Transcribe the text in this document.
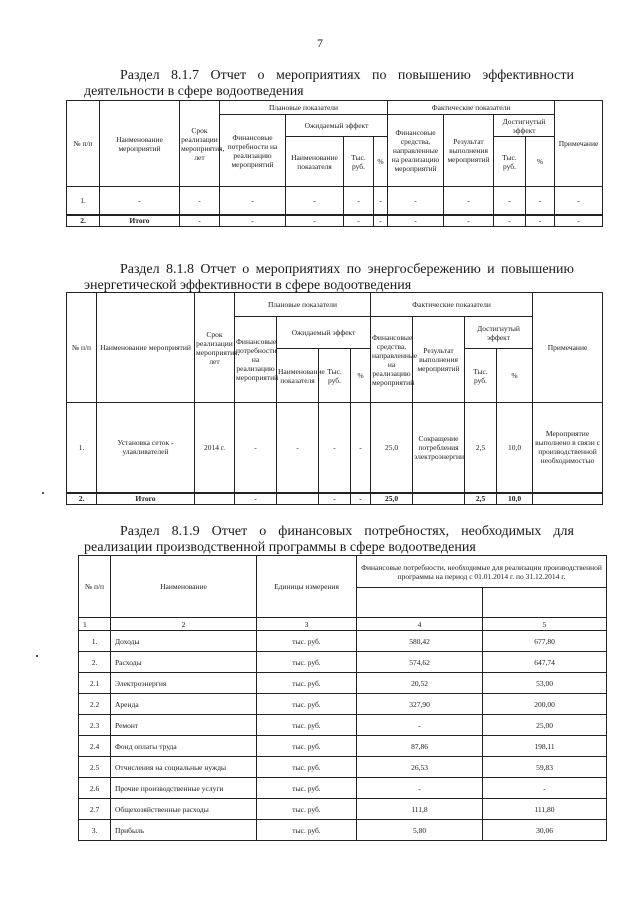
7
Раздел 8.1.7 Отчет о мероприятиях по повышению эффективности
деятельности в сфере водоотведения
№ п/п	Наименование мероприятий	Срок реализации мероприятия, лет	Плановые показатели				Фактические показатели				Примечание
			Финансовые потребности на реализацию мероприятий	Ожидаемый эффект			Финансовые средства, направленные на реализацию мероприятий	Результат выполнения мероприятий	Достигнутый эффект		
				Наименование показателя	Тыс. руб.	%			Тыс. руб.	%	
1.	-	-	-	-	-	-	-	-	-	-	-
2.	Итого	-	-	-	-	-	-	-	-	-	-
Раздел 8.1.8 Отчет о мероприятиях по энергосбережению и повышению
энергетической эффективности в сфере водоотведения
№ п/п	Наименование мероприятий	Срок реализации мероприятия, лет	Плановые показатели				Фактические показатели				Примечание
			Финансовые потребности на реализацию мероприятий	Ожидаемый эффект			Финансовые средства, направленные на реализацию мероприятий	Результат выполнения мероприятий	Достигнутый эффект		
				Наименование показателя	Тыс. руб.	%			Тыс. руб.	%	
1.	Установка сеток - улавливателей	2014 г.	-	-	-	-	25,0	Сокращение потребления электроэнергии	2,5	10,0	Мероприятие выполнено в связи с производственной необходимостью
2.	Итого		-		-	-	25,0		2,5	10,0	
Раздел 8.1.9 Отчет о финансовых потребностях, необходимых для
реализации производственной программы в сфере водоотведения
№ п/п	Наименование	Единицы измерения	Финансовые потребности, необходимые для реализации производственной программы на период с 01.01.2014 г. по 31.12.2014 г.	

1	2	3	4	5
1.	Доходы	тыс. руб.	580,42	677,80
2.	Расходы	тыс. руб.	574,62	647,74
2.1	Электроэнергия	тыс. руб.	20,52	53,00
2.2	Аренда	тыс. руб.	327,90	200,00
2.3	Ремонт	тыс. руб.	-	25,00
2.4	Фонд оплаты труда	тыс. руб.	87,86	198,11
2.5	Отчисления на социальные нужды	тыс. руб.	26,53	59,83
2.6	Прочие производственные услуги	тыс. руб.	-	-
2.7	Общехозяйственные расходы	тыс. руб.	111,8	111,80
3.	Прибыль	тыс. руб.	5,80	30,06
